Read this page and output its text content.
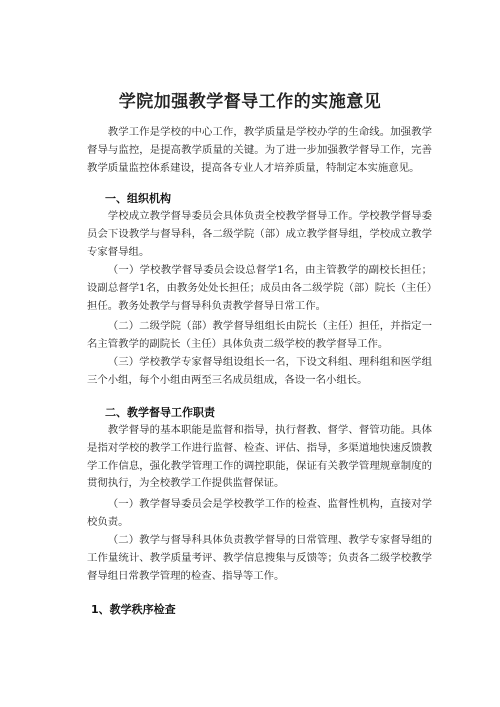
学院加强教学督导工作的实施意见

教学工作是学校的中心工作，教学质量是学校办学的生命线。加强教学督导与监控，是提高教学质量的关键。为了进一步加强教学督导工作，完善教学质量监控体系建设，提高各专业人才培养质量，特制定本实施意见。

一、组织机构

学校成立教学督导委员会具体负责全校教学督导工作。学校教学督导委员会下设教学与督导科，各二级学院（部）成立教学督导组，学校成立教学专家督导组。

（一）学校教学督导委员会设总督学1名，由主管教学的副校长担任；设副总督学1名，由教务处处长担任；成员由各二级学院（部）院长（主任）担任。教务处教学与督导科负责教学督导日常工作。

（二）二级学院（部）教学督导组组长由院长（主任）担任，并指定一名主管教学的副院长（主任）具体负责二级学校的教学督导工作。

（三）学校教学专家督导组设组长一名，下设文科组、理科组和医学组三个小组，每个小组由两至三名成员组成，各设一名小组长。

二、教学督导工作职责

教学督导的基本职能是监督和指导，执行督教、督学、督管功能。具体是指对学校的教学工作进行监督、检查、评估、指导，多渠道地快速反馈教学工作信息，强化教学管理工作的调控职能，保证有关教学管理规章制度的贯彻执行，为全校教学工作提供监督保证。

（一）教学督导委员会是学校教学工作的检查、监督性机构，直接对学校负责。

（二）教学与督导科具体负责教学督导的日常管理、教学专家督导组的工作量统计、教学质量考评、教学信息搜集与反馈等；负责各二级学校教学督导组日常教学管理的检查、指导等工作。

1、教学秩序检查
